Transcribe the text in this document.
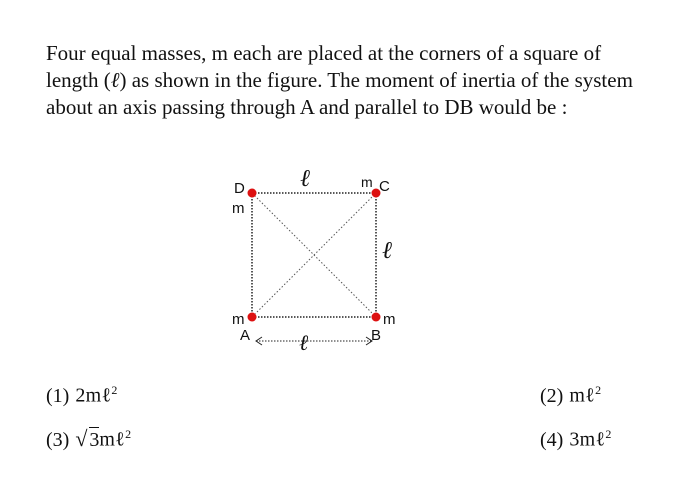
Four equal masses, m each are placed at the corners of a square of length (ℓ) as shown in the figure. The moment of inertia of the system about an axis passing through A and parallel to DB would be :
D	C
A	B
m
m
m	m
ℓ
ℓ
ℓ
(1) 2mℓ$^2$	(2) mℓ$^2$
(3) √ 3mℓ$^2$	(4) 3mℓ$^2$
